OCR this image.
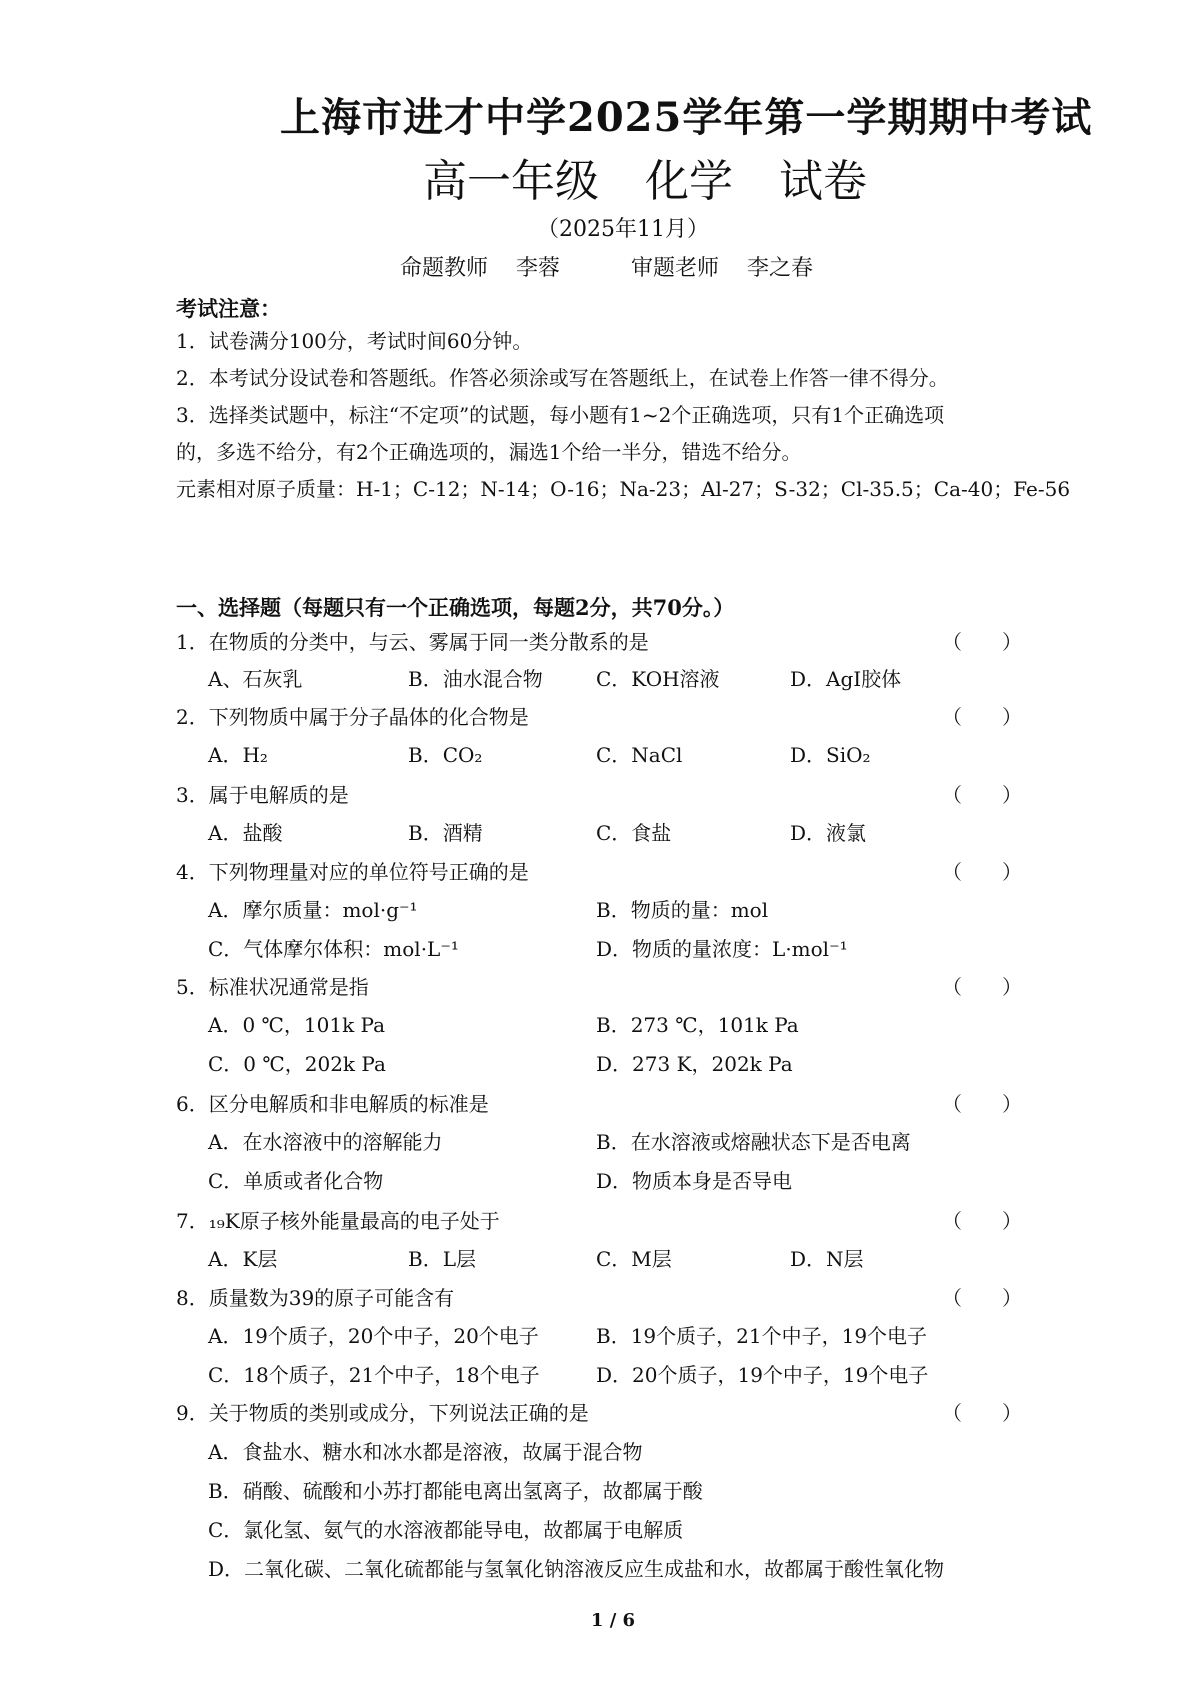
上海市进才中学2025学年第一学期期中考试
高一年级 化学 试卷
（2025年11月）
命题教师 李蓉	审题老师 李之春
考试注意：
1．试卷满分100分，考试时间60分钟。
2．本考试分设试卷和答题纸。作答必须涂或写在答题纸上，在试卷上作答一律不得分。
3．选择类试题中，标注“不定项”的试题，每小题有1~2个正确选项，只有1个正确选项
的，多选不给分，有2个正确选项的，漏选1个给一半分，错选不给分。
元素相对原子质量：H-1；C-12；N-14；O-16；Na-23；Al-27；S-32；Cl-35.5；Ca-40；Fe-56
一、选择题（每题只有一个正确选项，每题2分，共70分。）
1．在物质的分类中，与云、雾属于同一类分散系的是	（ ）
A、石灰乳	B．油水混合物	C．KOH溶液	D．AgI胶体
2．下列物质中属于分子晶体的化合物是	（ ）
A．H₂	B．CO₂	C．NaCl	D．SiO₂
3．属于电解质的是	（ ）
A．盐酸	B．酒精	C．食盐	D．液氯
4．下列物理量对应的单位符号正确的是	（ ）
A．摩尔质量：mol·g⁻¹	B．物质的量：mol
C．气体摩尔体积：mol·L⁻¹	D．物质的量浓度：L·mol⁻¹
5．标准状况通常是指	（ ）
A．0 ℃，101k Pa	B．273 ℃，101k Pa
C．0 ℃，202k Pa	D．273 K，202k Pa
6．区分电解质和非电解质的标准是	（ ）
A．在水溶液中的溶解能力	B．在水溶液或熔融状态下是否电离
C．单质或者化合物	D．物质本身是否导电
7．₁₉K原子核外能量最高的电子处于	（ ）
A．K层	B．L层	C．M层	D．N层
8．质量数为39的原子可能含有	（ ）
A．19个质子，20个中子，20个电子	B．19个质子，21个中子，19个电子
C．18个质子，21个中子，18个电子	D．20个质子，19个中子，19个电子
9．关于物质的类别或成分，下列说法正确的是	（ ）
A．食盐水、糖水和冰水都是溶液，故属于混合物
B．硝酸、硫酸和小苏打都能电离出氢离子，故都属于酸
C．氯化氢、氨气的水溶液都能导电，故都属于电解质
D．二氧化碳、二氧化硫都能与氢氧化钠溶液反应生成盐和水，故都属于酸性氧化物
1 / 6
